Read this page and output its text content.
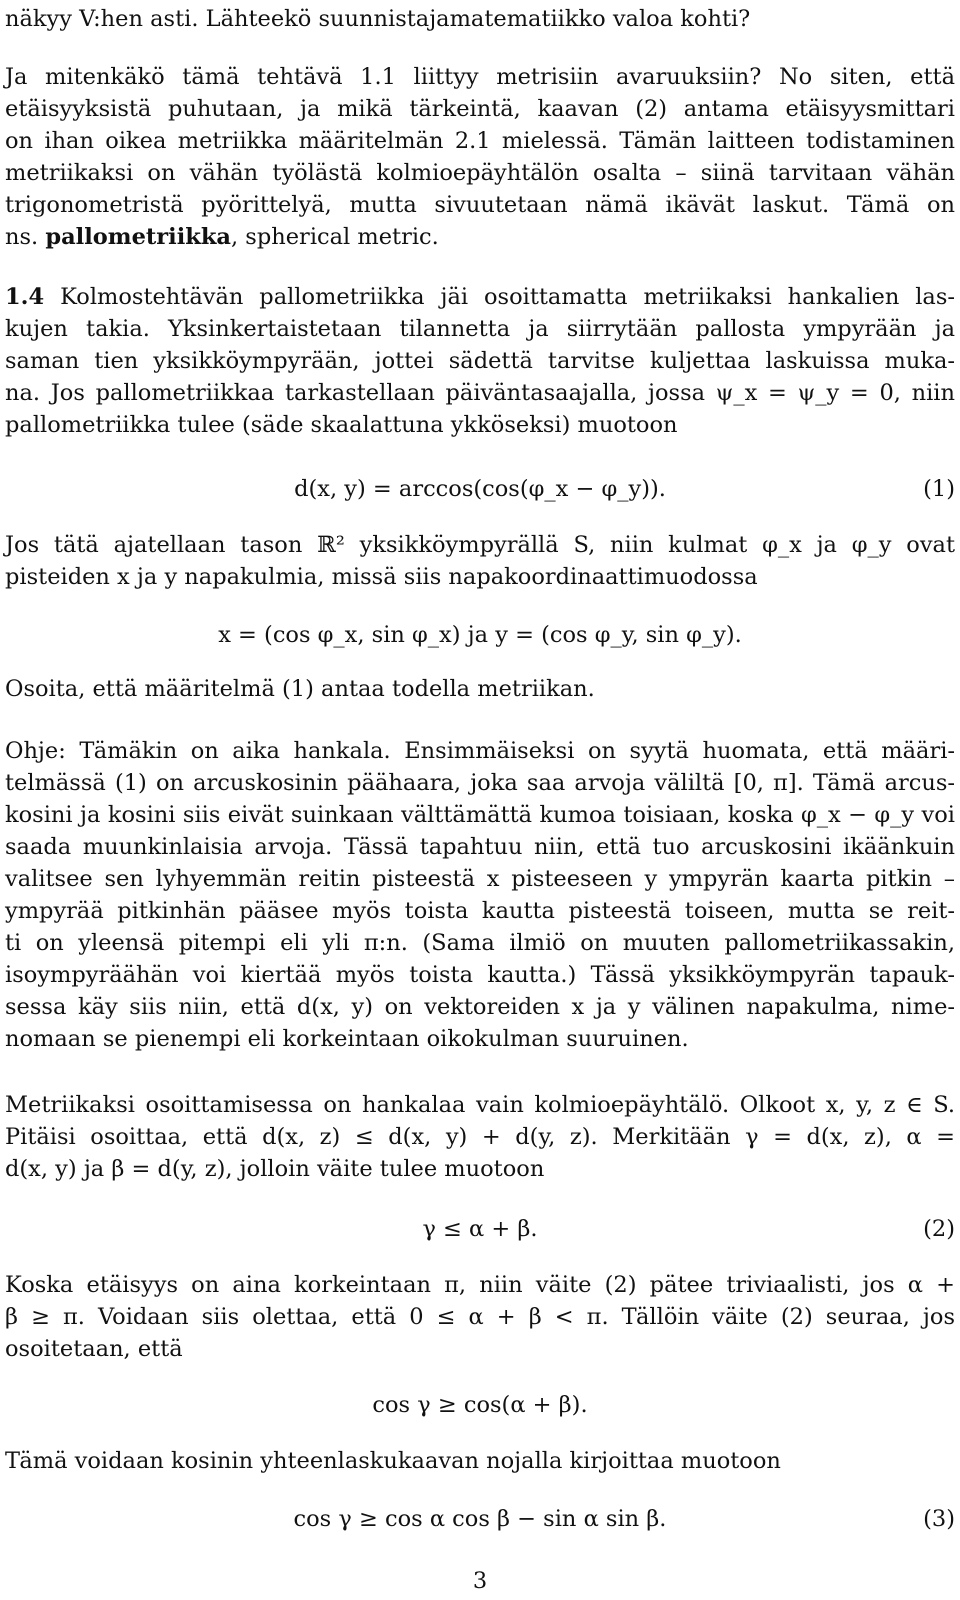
näkyy V:hen asti. Lähteekö suunnistajamatematiikko valoa kohti?
Ja mitenkäkö tämä tehtävä 1.1 liittyy metrisiin avaruuksiin? No siten, että
etäisyyksistä puhutaan, ja mikä tärkeintä, kaavan (2) antama etäisyysmittari
on ihan oikea metriikka määritelmän 2.1 mielessä. Tämän laitteen todistaminen
metriikaksi on vähän työlästä kolmioepäyhtälön osalta – siinä tarvitaan vähän
trigonometristä pyörittelyä, mutta sivuutetaan nämä ikävät laskut. Tämä on
ns. pallometriikka, spherical metric.
1.4 Kolmostehtävän pallometriikka jäi osoittamatta metriikaksi hankalien las-
kujen takia. Yksinkertaistetaan tilannetta ja siirrytään pallosta ympyrään ja
saman tien yksikköympyrään, jottei sädettä tarvitse kuljettaa laskuissa muka-
na. Jos pallometriikkaa tarkastellaan päiväntasaajalla, jossa ψ_x = ψ_y = 0, niin
pallometriikka tulee (säde skaalattuna ykköseksi) muotoon
d(x, y) = arccos(cos(φ_x − φ_y)).	(1)
Jos tätä ajatellaan tason ℝ² yksikköympyrällä S, niin kulmat φ_x ja φ_y ovat
pisteiden x ja y napakulmia, missä siis napakoordinaattimuodossa
x = (cos φ_x, sin φ_x) ja y = (cos φ_y, sin φ_y).
Osoita, että määritelmä (1) antaa todella metriikan.
Ohje: Tämäkin on aika hankala. Ensimmäiseksi on syytä huomata, että määri-
telmässä (1) on arcuskosinin päähaara, joka saa arvoja väliltä [0, π]. Tämä arcus-
kosini ja kosini siis eivät suinkaan välttämättä kumoa toisiaan, koska φ_x − φ_y voi
saada muunkinlaisia arvoja. Tässä tapahtuu niin, että tuo arcuskosini ikäänkuin
valitsee sen lyhyemmän reitin pisteestä x pisteeseen y ympyrän kaarta pitkin –
ympyrää pitkinhän pääsee myös toista kautta pisteestä toiseen, mutta se reit-
ti on yleensä pitempi eli yli π:n. (Sama ilmiö on muuten pallometriikassakin,
isoympyräähän voi kiertää myös toista kautta.) Tässä yksikköympyrän tapauk-
sessa käy siis niin, että d(x, y) on vektoreiden x ja y välinen napakulma, nime-
nomaan se pienempi eli korkeintaan oikokulman suuruinen.
Metriikaksi osoittamisessa on hankalaa vain kolmioepäyhtälö. Olkoot x, y, z ∈ S.
Pitäisi osoittaa, että d(x, z) ≤ d(x, y) + d(y, z). Merkitään γ = d(x, z), α =
d(x, y) ja β = d(y, z), jolloin väite tulee muotoon
γ ≤ α + β.	(2)
Koska etäisyys on aina korkeintaan π, niin väite (2) pätee triviaalisti, jos α +
β ≥ π. Voidaan siis olettaa, että 0 ≤ α + β < π. Tällöin väite (2) seuraa, jos
osoitetaan, että
cos γ ≥ cos(α + β).
Tämä voidaan kosinin yhteenlaskukaavan nojalla kirjoittaa muotoon
cos γ ≥ cos α cos β − sin α sin β.	(3)
3
